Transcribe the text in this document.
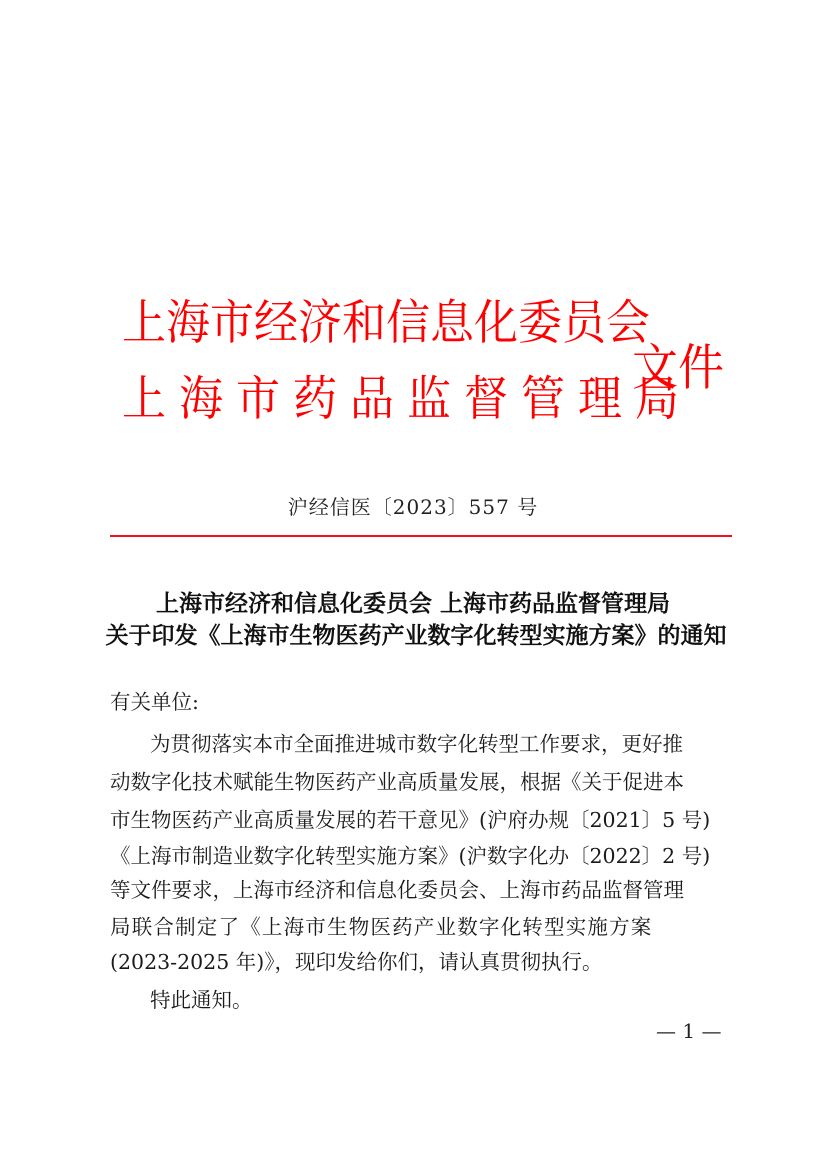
上海市经济和信息化委员会
上海市药品监督管理局
文件
沪经信医〔2023〕557 号
上海市经济和信息化委员会 上海市药品监督管理局
关于印发《上海市生物医药产业数字化转型实施方案》的通知
有关单位:
为贯彻落实本市全面推进城市数字化转型工作要求，更好推
动数字化技术赋能生物医药产业高质量发展，根据《关于促进本
市生物医药产业高质量发展的若干意见》(沪府办规〔2021〕5 号)
《上海市制造业数字化转型实施方案》(沪数字化办〔2022〕2 号)
等文件要求，上海市经济和信息化委员会、上海市药品监督管理
局联合制定了《上海市生物医药产业数字化转型实施方案
(2023-2025 年)》，现印发给你们，请认真贯彻执行。
特此通知。
— 1 —
